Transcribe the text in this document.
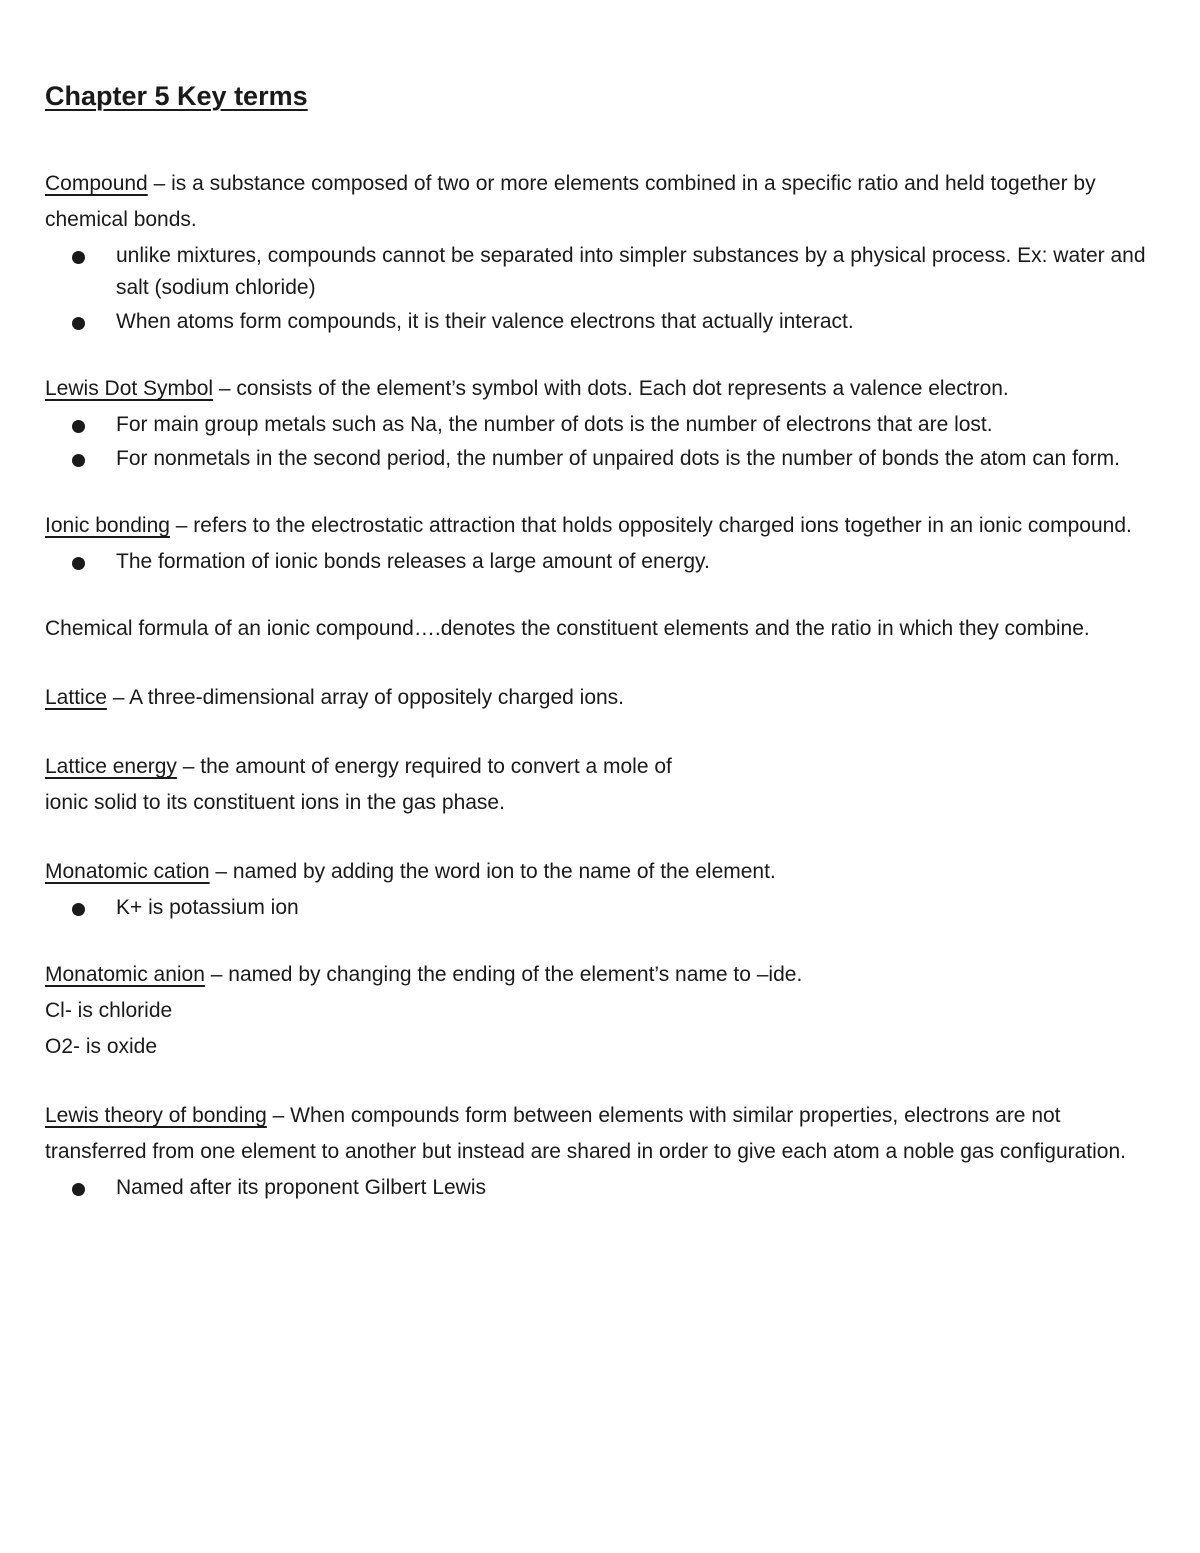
Chapter 5 Key terms

Compound – is a substance composed of two or more elements combined in a specific ratio and held together by chemical bonds.

unlike mixtures, compounds cannot be separated into simpler substances by a physical process. Ex: water and salt (sodium chloride)
When atoms form compounds, it is their valence electrons that actually interact.

Lewis Dot Symbol – consists of the element’s symbol with dots. Each dot represents a valence electron.

For main group metals such as Na, the number of dots is the number of electrons that are lost.
For nonmetals in the second period, the number of unpaired dots is the number of bonds the atom can form.

Ionic bonding – refers to the electrostatic attraction that holds oppositely charged ions together in an ionic compound.

The formation of ionic bonds releases a large amount of energy.

Chemical formula of an ionic compound….denotes the constituent elements and the ratio in which they combine.

Lattice – A three-dimensional array of oppositely charged ions.

Lattice energy – the amount of energy required to convert a mole of

ionic solid to its constituent ions in the gas phase.

Monatomic cation – named by adding the word ion to the name of the element.

K+ is potassium ion

Monatomic anion – named by changing the ending of the element’s name to –ide.

Cl- is chloride

O2- is oxide

Lewis theory of bonding – When compounds form between elements with similar properties, electrons are not transferred from one element to another but instead are shared in order to give each atom a noble gas configuration.

Named after its proponent Gilbert Lewis
